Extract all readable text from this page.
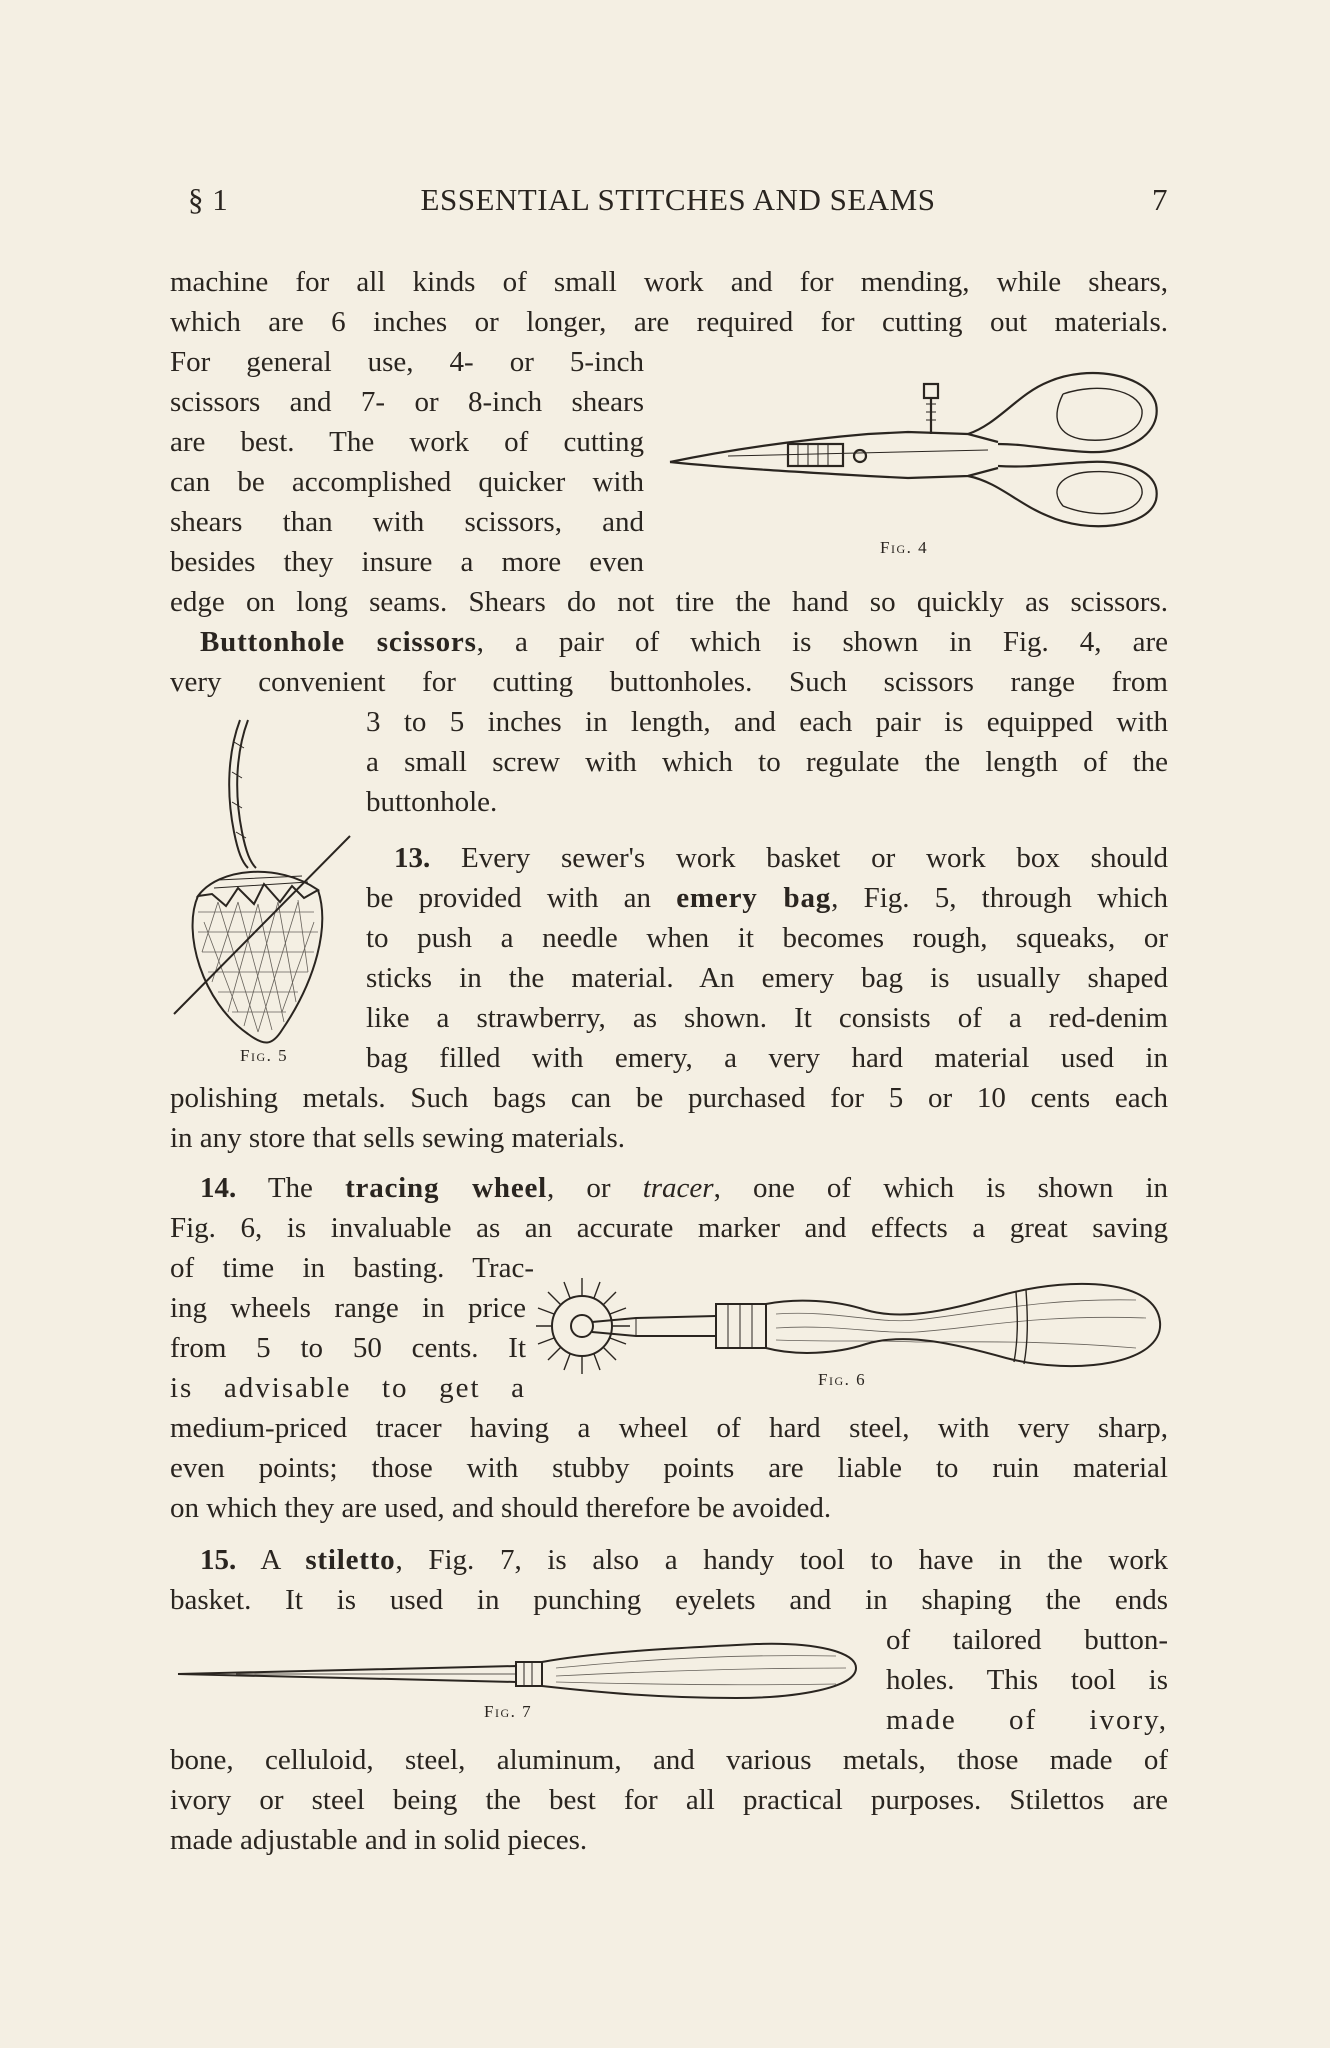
§ 1	ESSENTIAL STITCHES AND SEAMS	7
machine for all kinds of small work and for mending, while shears,
which are 6 inches or longer, are required for cutting out materials.
For general use, 4- or 5-inch
scissors and 7- or 8-inch shears
are best. The work of cutting
can be accomplished quicker with
shears than with scissors, and
besides they insure a more even	Fig. 4
edge on long seams. Shears do not tire the hand so quickly as scissors.
Buttonhole scissors, a pair of which is shown in Fig. 4, are
very convenient for cutting buttonholes. Such scissors range from
3 to 5 inches in length, and each pair is equipped with
a small screw with which to regulate the length of the
buttonhole.
13. Every sewer's work basket or work box should
be provided with an emery bag, Fig. 5, through which
to push a needle when it becomes rough, squeaks, or
sticks in the material. An emery bag is usually shaped
like a strawberry, as shown. It consists of a red-denim
bag filled with emery, a very hard material used in
Fig. 5
polishing metals. Such bags can be purchased for 5 or 10 cents each
in any store that sells sewing materials.
14. The tracing wheel, or tracer, one of which is shown in
Fig. 6, is invaluable as an accurate marker and effects a great saving
of time in basting. Trac-
ing wheels range in price
from 5 to 50 cents. It
is advisable to get a	Fig. 6
medium-priced tracer having a wheel of hard steel, with very sharp,
even points; those with stubby points are liable to ruin material
on which they are used, and should therefore be avoided.
15. A stiletto, Fig. 7, is also a handy tool to have in the work
basket. It is used in punching eyelets and in shaping the ends
of tailored button-
holes. This tool is
made of ivory,
Fig. 7
bone, celluloid, steel, aluminum, and various metals, those made of
ivory or steel being the best for all practical purposes. Stilettos are
made adjustable and in solid pieces.
